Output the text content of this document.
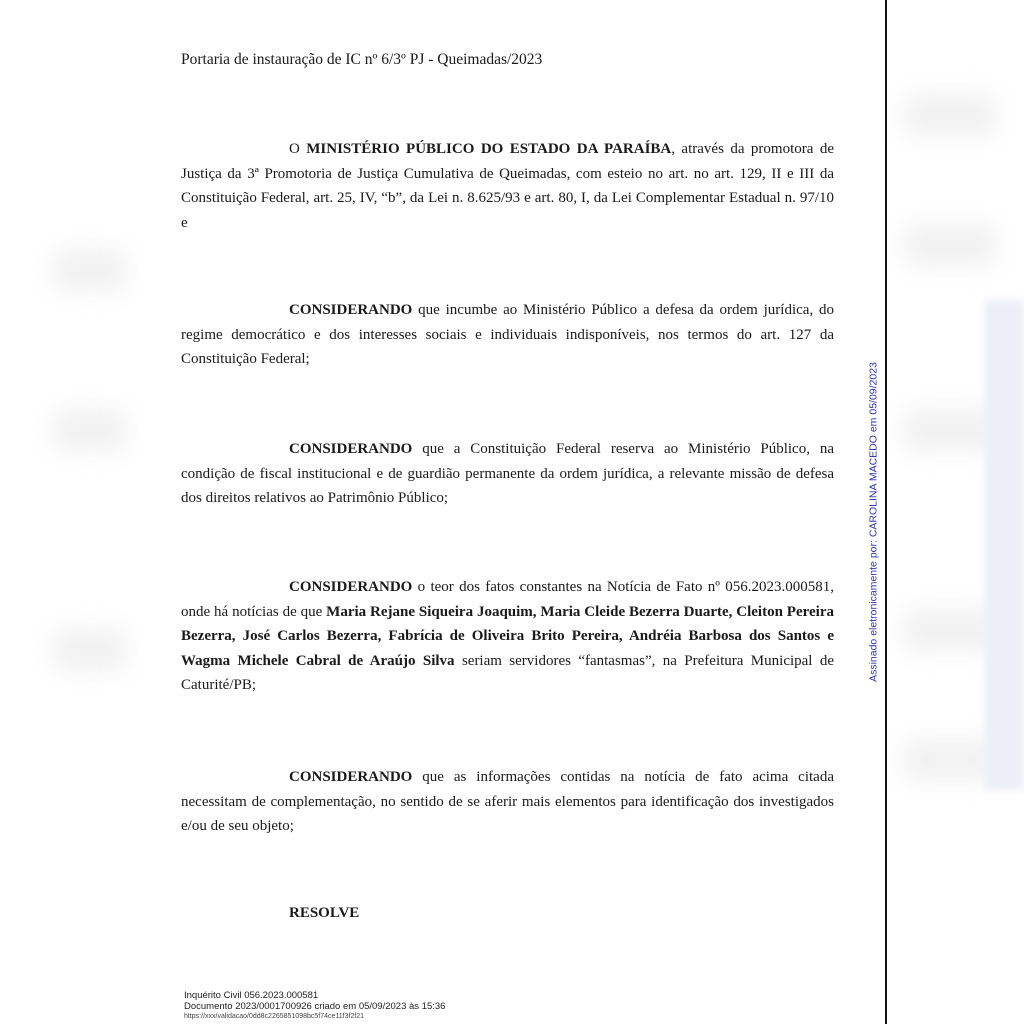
Assinado eletronicamente por: CAROLINA MACEDO em 05/09/2023
Portaria de instauração de IC nº 6/3º PJ - Queimadas/2023

O MINISTÉRIO PÚBLICO DO ESTADO DA PARAÍBA, através da promotora de Justiça da 3ª Promotoria de Justiça Cumulativa de Queimadas, com esteio no art. no art. 129, II e III da Constituição Federal, art. 25, IV, “b”, da Lei n. 8.625/93 e art. 80, I, da Lei Complementar Estadual n. 97/10 e

CONSIDERANDO que incumbe ao Ministério Público a defesa da ordem jurídica, do regime democrático e dos interesses sociais e individuais indisponíveis, nos termos do art. 127 da Constituição Federal;

CONSIDERANDO que a Constituição Federal reserva ao Ministério Público, na condição de fiscal institucional e de guardião permanente da ordem jurídica, a relevante missão de defesa dos direitos relativos ao Patrimônio Público;

CONSIDERANDO o teor dos fatos constantes na Notícia de Fato nº 056.2023.000581, onde há notícias de que Maria Rejane Siqueira Joaquim, Maria Cleide Bezerra Duarte, Cleiton Pereira Bezerra, José Carlos Bezerra, Fabrícia de Oliveira Brito Pereira, Andréia Barbosa dos Santos e Wagma Michele Cabral de Araújo Silva seriam servidores “fantasmas”, na Prefeitura Municipal de Caturité/PB;

CONSIDERANDO que as informações contidas na notícia de fato acima citada necessitam de complementação, no sentido de se aferir mais elementos para identificação dos investigados e/ou de seu objeto;

RESOLVE
Inquérito Civil 056.2023.000581
Documento 2023/0001700926 criado em 05/09/2023 às 15:36
https://xxx/validacao/0dd8c2265851098bc5f74ce11f3f2f21
